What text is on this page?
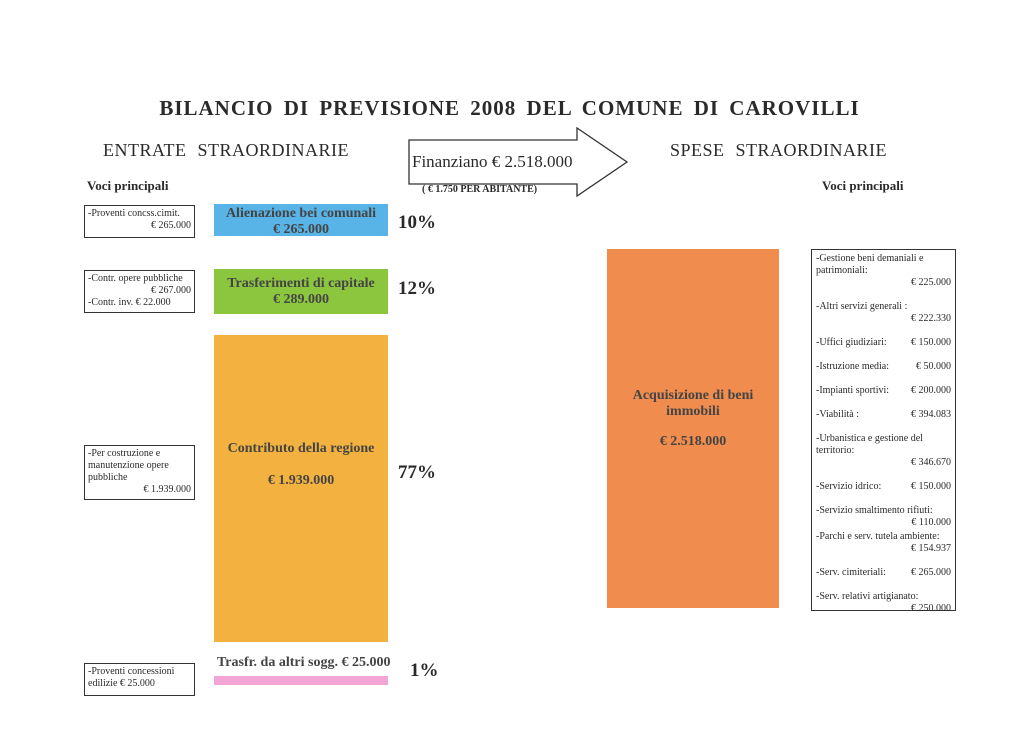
BILANCIO DI PREVISIONE 2008 DEL COMUNE DI CAROVILLI
ENTRATE STRAORDINARIE	SPESE STRAORDINARIE
Voci principali	Voci principali
Finanziano € 2.518.000
( € 1.750 PER ABITANTE)
-Proventi concss.cimit.
€ 265.000
Alienazione bei comunali
€ 265.000	10%
-Contr. opere pubbliche
€ 267.000
-Contr. inv. € 22.000
Trasferimenti di capitale
€ 289.000
12%
-Per costruzione e
manutenzione opere
pubbliche
€ 1.939.000
Contributo della regione
€ 1.939.000	77%
-Proventi concessioni
edilizie € 25.000
Trasfr. da altri sogg. € 25.000 1%
Acquisizione di beni immobili
€ 2.518.000
-Gestione beni demaniali e patrimoniali:
€ 225.000
-Altri servizi generali :
€ 222.330
-Uffici giudiziari: € 150.000
-Istruzione media:	€ 50.000
-Impianti sportivi: € 200.000
-Viabilità :	€ 394.083
-Urbanistica e gestione del territorio:
€ 346.670
-Servizio idrico:	€ 150.000
-Servizio smaltimento rifiuti:
€ 110.000
-Parchi e serv. tutela ambiente:
€ 154.937
-Serv. cimiteriali:	€ 265.000
-Serv. relativi artigianato:
€ 250.000
